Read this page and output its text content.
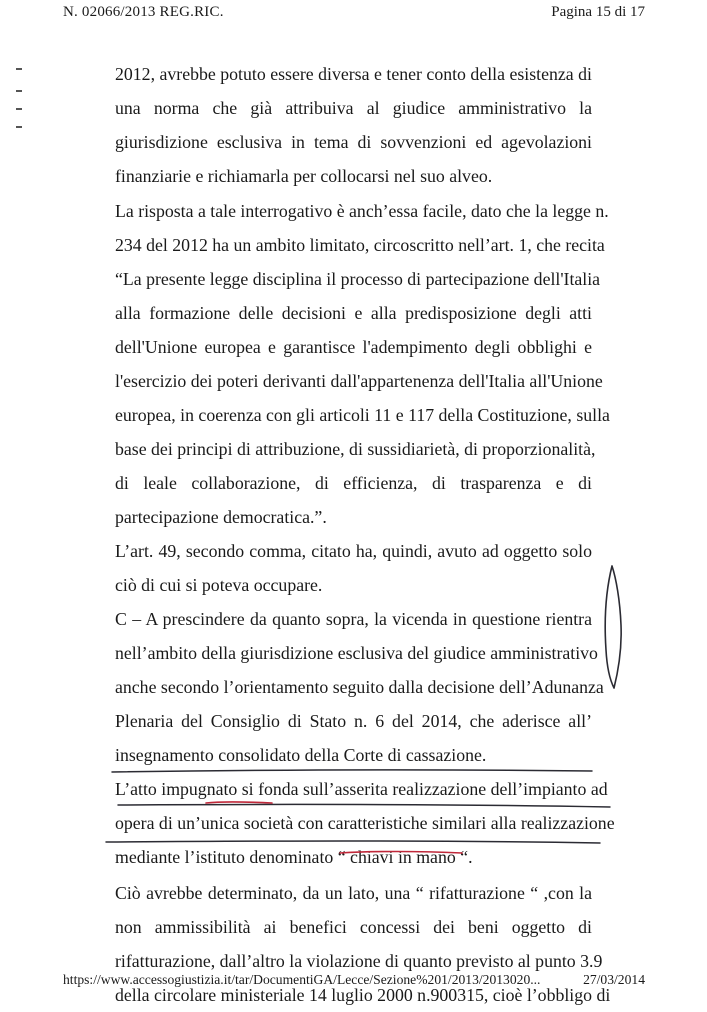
N. 02066/2013 REG.RIC.	Pagina 15 di 17
2012, avrebbe potuto essere diversa e tener conto della esistenza di
una norma che già attribuiva al giudice amministrativo la
giurisdizione esclusiva in tema di sovvenzioni ed agevolazioni
finanziarie e richiamarla per collocarsi nel suo alveo.
La risposta a tale interrogativo è anch’essa facile, dato che la legge n.
234 del 2012 ha un ambito limitato, circoscritto nell’art. 1, che recita
“La presente legge disciplina il processo di partecipazione dell'Italia
alla formazione delle decisioni e alla predisposizione degli atti
dell'Unione europea e garantisce l'adempimento degli obblighi e
l'esercizio dei poteri derivanti dall'appartenenza dell'Italia all'Unione
europea, in coerenza con gli articoli 11 e 117 della Costituzione, sulla
base dei principi di attribuzione, di sussidiarietà, di proporzionalità,
di leale collaborazione, di efficienza, di trasparenza e di
partecipazione democratica.”.
L’art. 49, secondo comma, citato ha, quindi, avuto ad oggetto solo
ciò di cui si poteva occupare.
C – A prescindere da quanto sopra, la vicenda in questione rientra
nell’ambito della giurisdizione esclusiva del giudice amministrativo
anche secondo l’orientamento seguito dalla decisione dell’Adunanza
Plenaria del Consiglio di Stato n. 6 del 2014, che aderisce all’
insegnamento consolidato della Corte di cassazione.
L’atto impugnato si fonda sull’asserita realizzazione dell’impianto ad
opera di un’unica società con caratteristiche similari alla realizzazione
mediante l’istituto denominato “ chiavi in mano “.
Ciò avrebbe determinato, da un lato, una “ rifatturazione “ ,con la
non ammissibilità ai benefici concessi dei beni oggetto di
rifatturazione, dall’altro la violazione di quanto previsto al punto 3.9
della circolare ministeriale 14 luglio 2000 n.900315, cioè l’obbligo di
https://www.accessogiustizia.it/tar/DocumentiGA/Lecce/Sezione%201/2013/2013020...	27/03/2014
